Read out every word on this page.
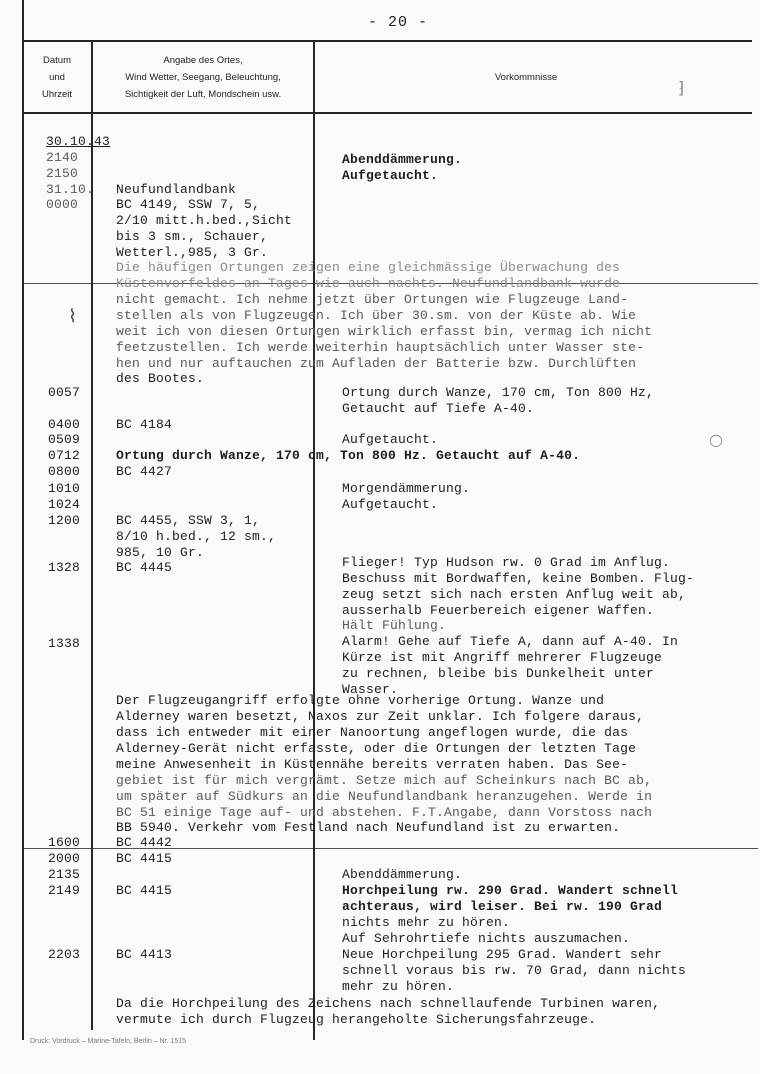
- 20 -
Datum
und
Uhrzeit
Angabe des Ortes,
Wind Wetter, Seegang, Beleuchtung,
Sichtigkeit der Luft, Mondschein usw.
Vorkommnisse
30.10.43
2140
2150
31.10.
0000
0057
0400
0509
0712
0800
1010
1024
1200
1328
1338
1600
2000
2135
2149
2203
Neufundlandbank
BC 4149, SSW 7, 5,
2/10 mitt.h.bed.,Sicht
bis 3 sm., Schauer,
Wetterl.,985, 3 Gr.
BC 4184
Ortung durch Wanze, 170 cm, Ton 800 Hz. Getaucht auf A-40.
BC 4427
BC 4455, SSW 3, 1,
8/10 h.bed., 12 sm.,
985, 10 Gr.
BC 4445
BC 4442
BC 4415
BC 4415
BC 4413
Abenddämmerung.
Aufgetaucht.
Ortung durch Wanze, 170 cm, Ton 800 Hz,
Getaucht auf Tiefe A-40.
Aufgetaucht.
Morgendämmerung.
Aufgetaucht.
Flieger! Typ Hudson rw. 0 Grad im Anflug.
Beschuss mit Bordwaffen, keine Bomben. Flug-
zeug setzt sich nach ersten Anflug weit ab,
ausserhalb Feuerbereich eigener Waffen.
Hält Fühlung.
Alarm! Gehe auf Tiefe A, dann auf A-40. In
Kürze ist mit Angriff mehrerer Flugzeuge
zu rechnen, bleibe bis Dunkelheit unter
Wasser.
Abenddämmerung.
Horchpeilung rw. 290 Grad. Wandert schnell
achteraus, wird leiser. Bei rw. 190 Grad
nichts mehr zu hören.
Auf Sehrohrtiefe nichts auszumachen.
Neue Horchpeilung 295 Grad. Wandert sehr
schnell voraus bis rw. 70 Grad, dann nichts
mehr zu hören.
Die häufigen Ortungen zeigen eine gleichmässige Überwachung des
Küstenvorfeldes an Tages wie auch nachts. Neufundlandbank wurde
nicht gemacht. Ich nehme jetzt über Ortungen wie Flugzeuge Land-
stellen als von Flugzeugen. Ich über 30.sm. von der Küste ab. Wie
weit ich von diesen Ortungen wirklich erfasst bin, vermag ich nicht
feetzustellen. Ich werde weiterhin hauptsächlich unter Wasser ste-
hen und nur auftauchen zum Aufladen der Batterie bzw. Durchlüften
des Bootes.
Der Flugzeugangriff erfolgte ohne vorherige Ortung. Wanze und
Alderney waren besetzt, Naxos zur Zeit unklar. Ich folgere daraus,
dass ich entweder mit einer Nanoortung angeflogen wurde, die das
Alderney-Gerät nicht erfasste, oder die Ortungen der letzten Tage
meine Anwesenheit in Küstennähe bereits verraten haben. Das See-
gebiet ist für mich vergrämt. Setze mich auf Scheinkurs nach BC ab,
um später auf Südkurs an die Neufundlandbank heranzugehen. Werde in
BC 51 einige Tage auf- und abstehen. F.T.Angabe, dann Vorstoss nach
BB 5940. Verkehr vom Festland nach Neufundland ist zu erwarten.
Da die Horchpeilung des Zeichens nach schnellaufende Turbinen waren,
vermute ich durch Flugzeug herangeholte Sicherungsfahrzeuge.
⌇
○
⁆
Druck: Vordruck – Marine-Tafeln, Berlin – Nr. 1515
